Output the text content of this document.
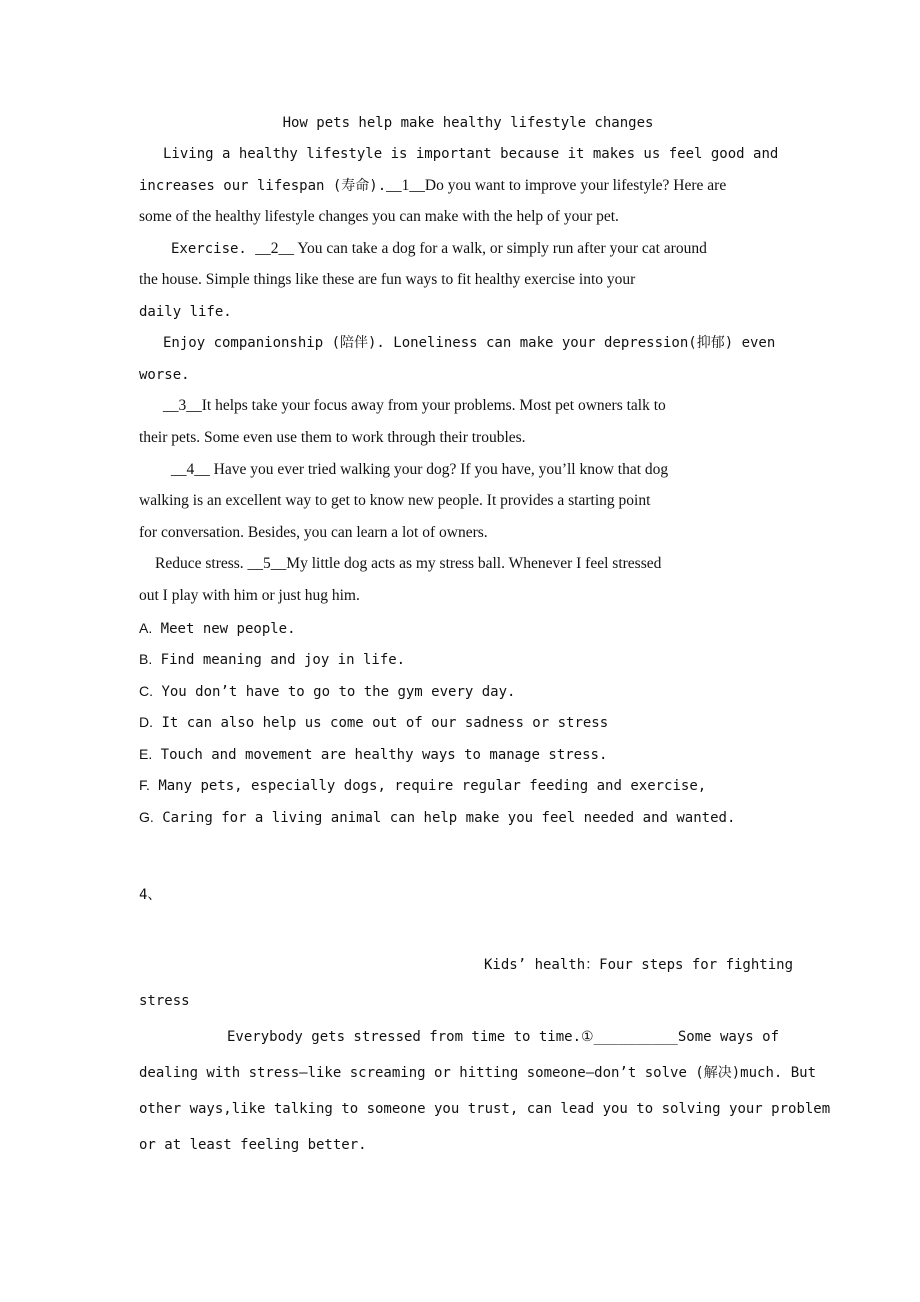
How pets help make healthy lifestyle changes
Living a healthy lifestyle is important because it makes us feel good and
increases our lifespan (寿命).__1__Do you want to improve your lifestyle? Here are
some of the healthy lifestyle changes you can make with the help of your pet.
Exercise. __2__ You can take a dog for a walk, or simply run after your cat around
the house. Simple things like these are fun ways to fit healthy exercise into your
daily life.
Enjoy companionship (陪伴). Loneliness can make your depression(抑郁) even
worse.
__3__It helps take your focus away from your problems. Most pet owners talk to
their pets. Some even use them to work through their troubles.
__4__ Have you ever tried walking your dog? If you have, you’ll know that dog
walking is an excellent way to get to know new people. It provides a starting point
for conversation. Besides, you can learn a lot of owners.
Reduce stress. __5__My little dog acts as my stress ball. Whenever I feel stressed
out I play with him or just hug him.
A. Meet new people.
B. Find meaning and joy in life.
C. You don’t have to go to the gym every day.
D. It can also help us come out of our sadness or stress
E. Touch and movement are healthy ways to manage stress.
F. Many pets, especially dogs, require regular feeding and exercise,
G. Caring for a living animal can help make you feel needed and wanted.
4、
Kids’ health：Four steps for fighting
stress
Everybody gets stressed from time to time.①__________Some ways of
dealing with stress—like screaming or hitting someone—don’t solve (解决)much. But
other ways,like talking to someone you trust, can lead you to solving your problem
or at least feeling better.
